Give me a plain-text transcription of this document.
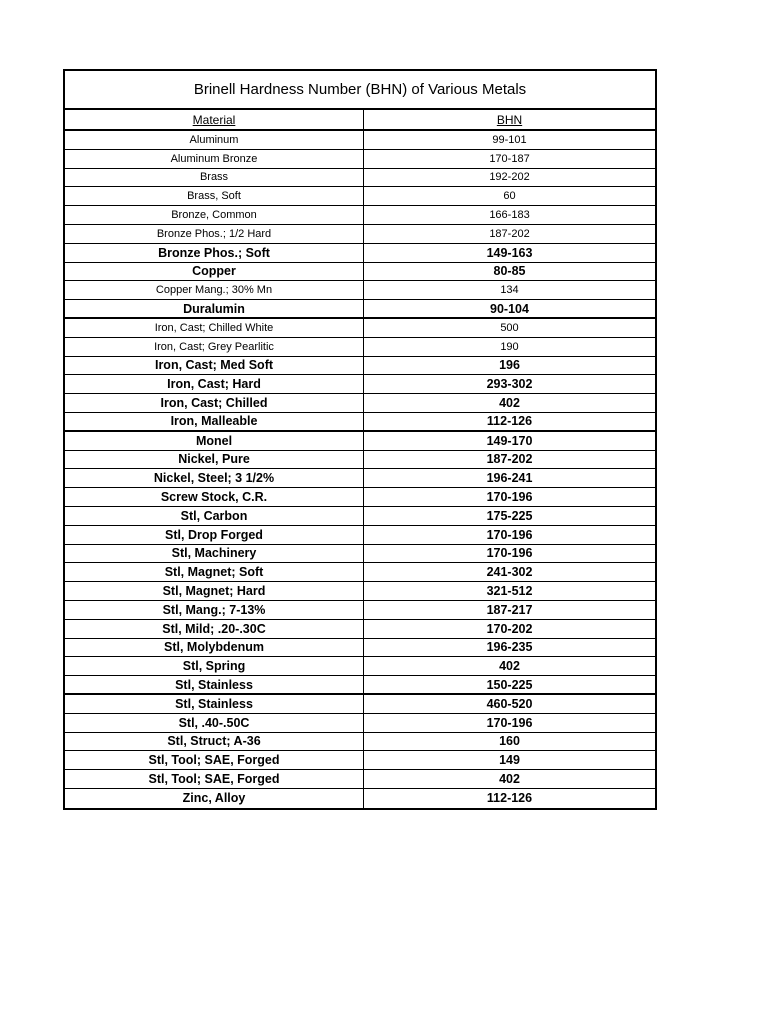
Brinell Hardness Number (BHN) of Various Metals
Material	BHN
Aluminum	99-101
Aluminum Bronze	170-187
Brass	192-202
Brass, Soft	60
Bronze, Common	166-183
Bronze Phos.; 1/2 Hard	187-202
Bronze Phos.; Soft	149-163
Copper	80-85
Copper Mang.; 30% Mn	134
Duralumin	90-104
Iron, Cast; Chilled White	500
Iron, Cast; Grey Pearlitic	190
Iron, Cast; Med Soft	196
Iron, Cast; Hard	293-302
Iron, Cast; Chilled	402
Iron, Malleable	112-126
Monel	149-170
Nickel, Pure	187-202
Nickel, Steel; 3 1/2%	196-241
Screw Stock, C.R.	170-196
Stl, Carbon	175-225
Stl, Drop Forged	170-196
Stl, Machinery	170-196
Stl, Magnet; Soft	241-302
Stl, Magnet; Hard	321-512
Stl, Mang.; 7-13%	187-217
Stl, Mild; .20-.30C	170-202
Stl, Molybdenum	196-235
Stl, Spring	402
Stl, Stainless	150-225
Stl, Stainless	460-520
Stl, .40-.50C	170-196
Stl, Struct; A-36	160
Stl, Tool; SAE, Forged	149
Stl, Tool; SAE, Forged	402
Zinc, Alloy	112-126
